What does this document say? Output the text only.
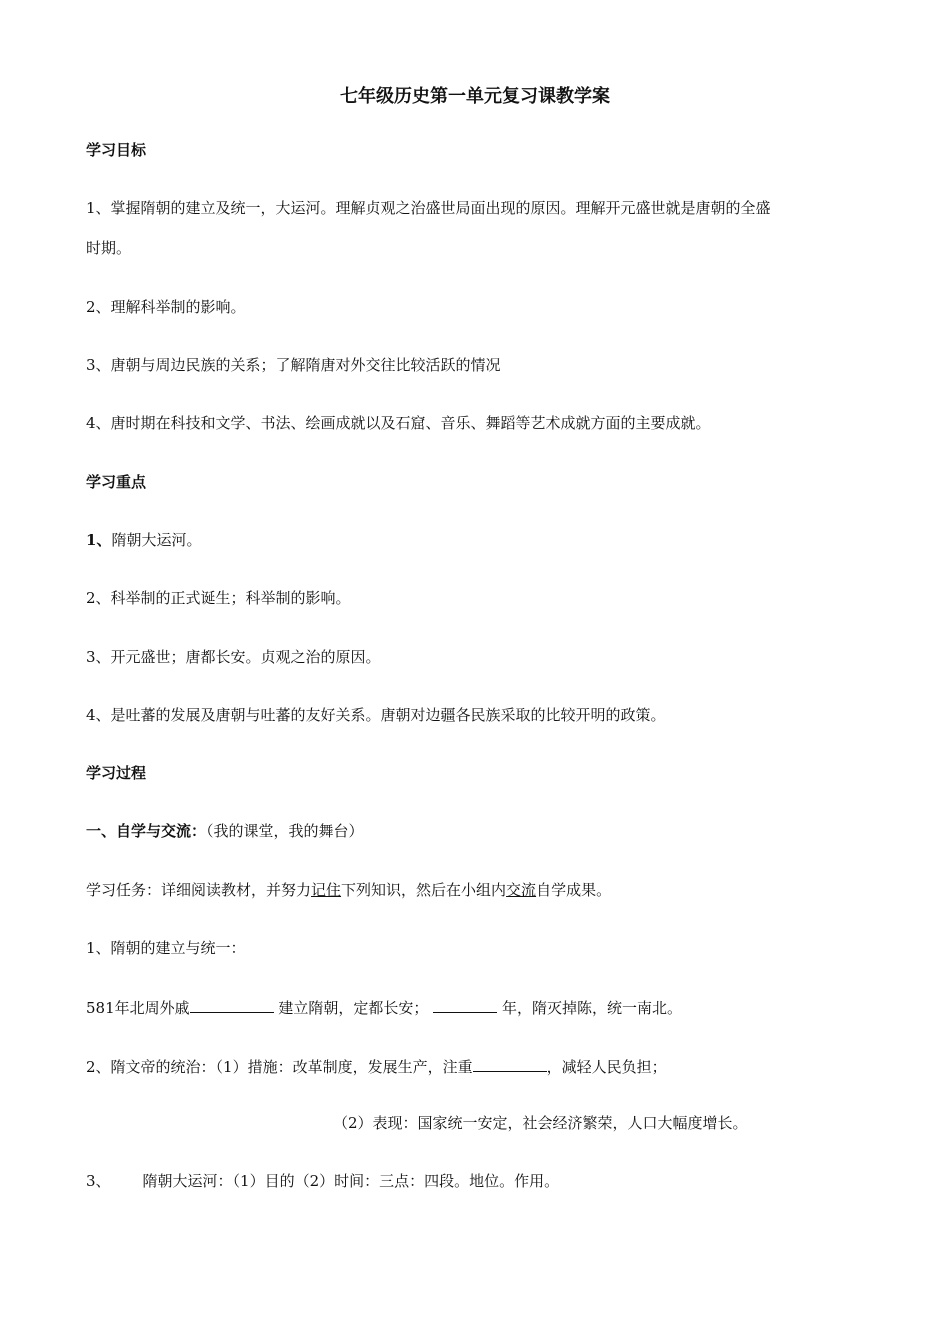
七年级历史第一单元复习课教学案
学习目标
1、掌握隋朝的建立及统一，大运河。理解贞观之治盛世局面出现的原因。理解开元盛世就是唐朝的全盛
时期。
2、理解科举制的影响。
3、唐朝与周边民族的关系；了解隋唐对外交往比较活跃的情况
4、唐时期在科技和文学、书法、绘画成就以及石窟、音乐、舞蹈等艺术成就方面的主要成就。
学习重点
1、隋朝大运河。
2、科举制的正式诞生；科举制的影响。
3、开元盛世；唐都长安。贞观之治的原因。
4、是吐蕃的发展及唐朝与吐蕃的友好关系。唐朝对边疆各民族采取的比较开明的政策。
学习过程
一、自学与交流：（我的课堂，我的舞台）
学习任务：详细阅读教材，并努力记住下列知识，然后在小组内交流自学成果。
1、隋朝的建立与统一：
581年北周外戚	建立隋朝，定都长安；	年，隋灭掉陈，统一南北。
2、隋文帝的统治：（1）措施：改革制度，发展生产，注重	，减轻人民负担；
（2）表现：国家统一安定，社会经济繁荣，人口大幅度增长。
3、 隋朝大运河：（1）目的（2）时间：三点：四段。地位。作用。
